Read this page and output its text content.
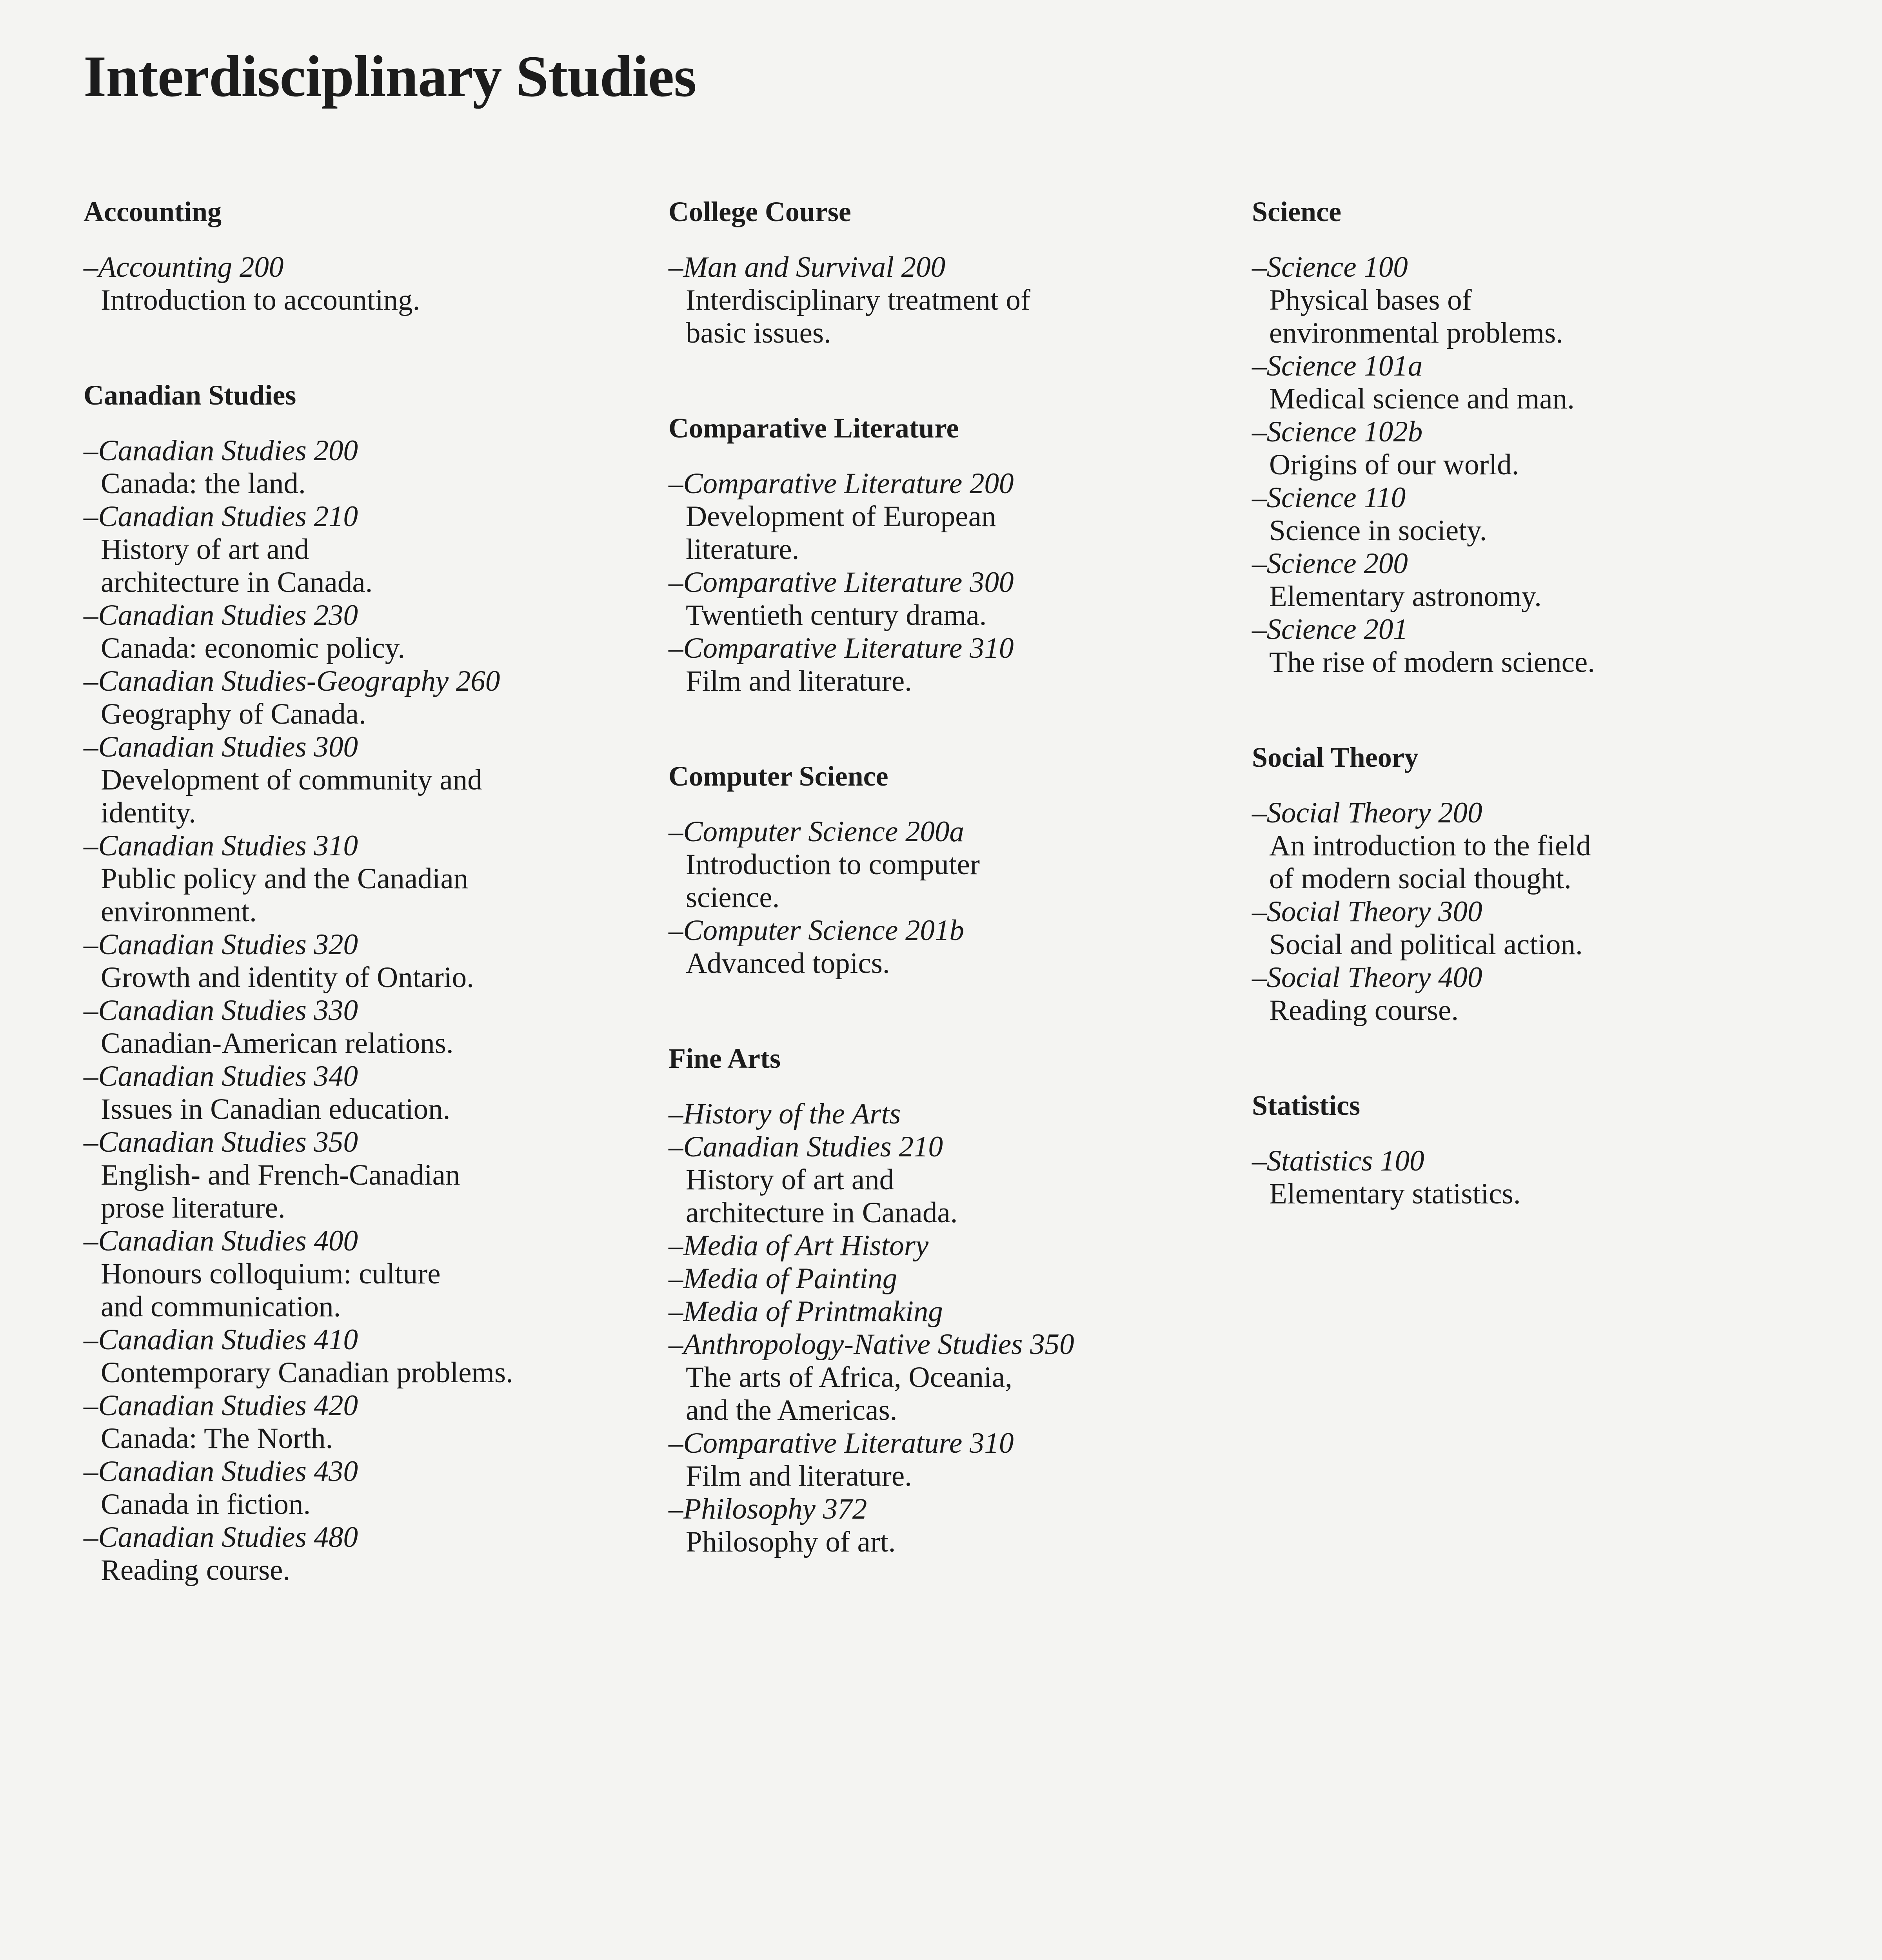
Interdisciplinary Studies
Accounting
–Accounting 200
Introduction to accounting.
Canadian Studies
–Canadian Studies 200
Canada: the land.
–Canadian Studies 210
History of art and
architecture in Canada.
–Canadian Studies 230
Canada: economic policy.
–Canadian Studies-Geography 260
Geography of Canada.
–Canadian Studies 300
Development of community and
identity.
–Canadian Studies 310
Public policy and the Canadian
environment.
–Canadian Studies 320
Growth and identity of Ontario.
–Canadian Studies 330
Canadian-American relations.
–Canadian Studies 340
Issues in Canadian education.
–Canadian Studies 350
English- and French-Canadian
prose literature.
–Canadian Studies 400
Honours colloquium: culture
and communication.
–Canadian Studies 410
Contemporary Canadian problems.
–Canadian Studies 420
Canada: The North.
–Canadian Studies 430
Canada in fiction.
–Canadian Studies 480
Reading course.
College Course
–Man and Survival 200
Interdisciplinary treatment of
basic issues.
Comparative Literature
–Comparative Literature 200
Development of European
literature.
–Comparative Literature 300
Twentieth century drama.
–Comparative Literature 310
Film and literature.
Computer Science
–Computer Science 200a
Introduction to computer
science.
–Computer Science 201b
Advanced topics.
Fine Arts
–History of the Arts
–Canadian Studies 210
History of art and
architecture in Canada.
–Media of Art History
–Media of Painting
–Media of Printmaking
–Anthropology-Native Studies 350
The arts of Africa, Oceania,
and the Americas.
–Comparative Literature 310
Film and literature.
–Philosophy 372
Philosophy of art.
Science
–Science 100
Physical bases of
environmental problems.
–Science 101a
Medical science and man.
–Science 102b
Origins of our world.
–Science 110
Science in society.
–Science 200
Elementary astronomy.
–Science 201
The rise of modern science.
Social Theory
–Social Theory 200
An introduction to the field
of modern social thought.
–Social Theory 300
Social and political action.
–Social Theory 400
Reading course.
Statistics
–Statistics 100
Elementary statistics.
